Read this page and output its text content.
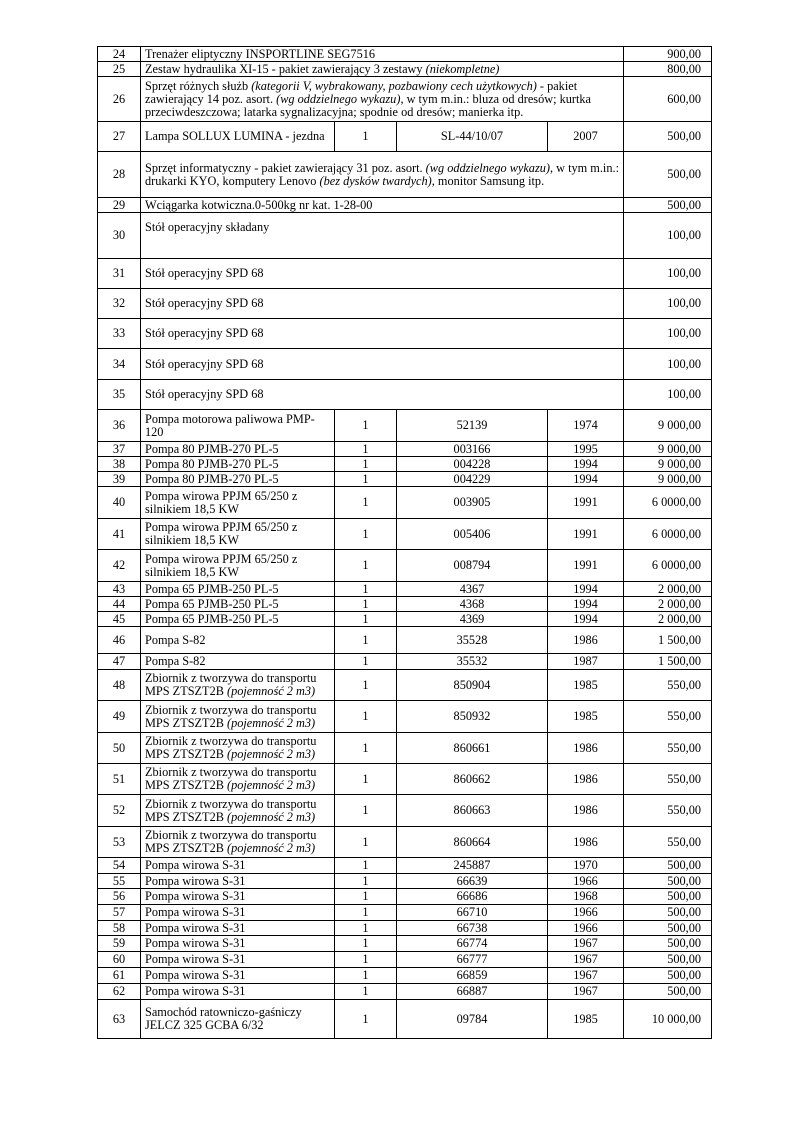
24	Trenażer eliptyczny INSPORTLINE SEG7516				900,00
25	Zestaw hydraulika XI-15 - pakiet zawierający 3 zestawy (niekompletne)				800,00
26	Sprzęt różnych służb (kategorii V, wybrakowany, pozbawiony cech użytkowych) - pakiet zawierający 14 poz. asort. (wg oddzielnego wykazu), w tym m.in.: bluza od dresów; kurtka przeciwdeszczowa; latarka sygnalizacyjna; spodnie od dresów; manierka itp.				600,00
27	Lampa SOLLUX LUMINA - jezdna	1	SL-44/10/07	2007	500,00
28	Sprzęt informatyczny - pakiet zawierający 31 poz. asort. (wg oddzielnego wykazu), w tym m.in.: drukarki KYO, komputery Lenovo (bez dysków twardych), monitor Samsung itp.				500,00
29	Wciągarka kotwiczna.0-500kg nr kat. 1-28-00				500,00
30	Stół operacyjny składany				100,00
31	Stół operacyjny SPD 68				100,00
32	Stół operacyjny SPD 68				100,00
33	Stół operacyjny SPD 68				100,00
34	Stół operacyjny SPD 68				100,00
35	Stół operacyjny SPD 68				100,00
36	Pompa motorowa paliwowa PMP-120	1	52139	1974	9 000,00
37	Pompa 80 PJMB-270 PL-5	1	003166	1995	9 000,00
38	Pompa 80 PJMB-270 PL-5	1	004228	1994	9 000,00
39	Pompa 80 PJMB-270 PL-5	1	004229	1994	9 000,00
40	Pompa wirowa PPJM 65/250 z silnikiem 18,5 KW	1	003905	1991	6 0000,00
41	Pompa wirowa PPJM 65/250 z silnikiem 18,5 KW	1	005406	1991	6 0000,00
42	Pompa wirowa PPJM 65/250 z silnikiem 18,5 KW	1	008794	1991	6 0000,00
43	Pompa 65 PJMB-250 PL-5	1	4367	1994	2 000,00
44	Pompa 65 PJMB-250 PL-5	1	4368	1994	2 000,00
45	Pompa 65 PJMB-250 PL-5	1	4369	1994	2 000,00
46	Pompa S-82	1	35528	1986	1 500,00
47	Pompa S-82	1	35532	1987	1 500,00
48	Zbiornik z tworzywa do transportu MPS ZTSZT2B (pojemność 2 m3)	1	850904	1985	550,00
49	Zbiornik z tworzywa do transportu MPS ZTSZT2B (pojemność 2 m3)	1	850932	1985	550,00
50	Zbiornik z tworzywa do transportu MPS ZTSZT2B (pojemność 2 m3)	1	860661	1986	550,00
51	Zbiornik z tworzywa do transportu MPS ZTSZT2B (pojemność 2 m3)	1	860662	1986	550,00
52	Zbiornik z tworzywa do transportu MPS ZTSZT2B (pojemność 2 m3)	1	860663	1986	550,00
53	Zbiornik z tworzywa do transportu MPS ZTSZT2B (pojemność 2 m3)	1	860664	1986	550,00
54	Pompa wirowa S-31	1	245887	1970	500,00
55	Pompa wirowa S-31	1	66639	1966	500,00
56	Pompa wirowa S-31	1	66686	1968	500,00
57	Pompa wirowa S-31	1	66710	1966	500,00
58	Pompa wirowa S-31	1	66738	1966	500,00
59	Pompa wirowa S-31	1	66774	1967	500,00
60	Pompa wirowa S-31	1	66777	1967	500,00
61	Pompa wirowa S-31	1	66859	1967	500,00
62	Pompa wirowa S-31	1	66887	1967	500,00
63	Samochód ratowniczo-gaśniczy JELCZ 325 GCBA 6/32	1	09784	1985	10 000,00
